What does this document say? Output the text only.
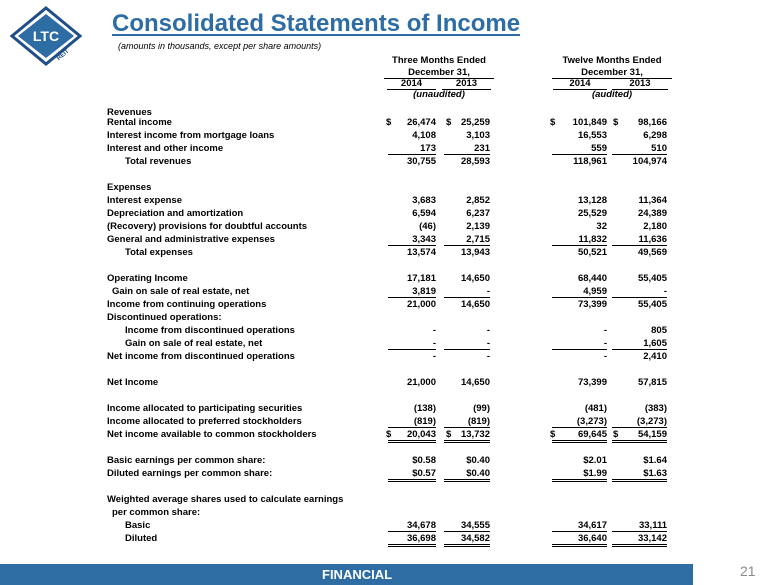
LTC
REIT
Consolidated Statements of Income
(amounts in thousands, except per share amounts)
Three Months Ended	Twelve Months Ended
December 31,	December 31,
2014	2013	2014	2013
(unaudited)	(audited)
Revenues
Rental income	26,474	25,259	101,849	98,166
$	$	$	$
Interest income from mortgage loans	4,108	3,103	16,553	6,298
Interest and other income	173	231	559	510
Total revenues	30,755	28,593	118,961	104,974
Expenses
Interest expense	3,683	2,852	13,128	11,364
Depreciation and amortization	6,594	6,237	25,529	24,389
(Recovery) provisions for doubtful accounts	(46)	2,139	32	2,180
General and administrative expenses	3,343	2,715	11,832	11,636
Total expenses	13,574	13,943	50,521	49,569
Operating Income	17,181	14,650	68,440	55,405
Gain on sale of real estate, net	3,819	-	4,959	-
Income from continuing operations	21,000	14,650	73,399	55,405
Discontinued operations:
Income from discontinued operations	-	-	-	805
Gain on sale of real estate, net	-	-	-	1,605
Net income from discontinued operations	-	-	-	2,410
Net Income	21,000	14,650	73,399	57,815
Income allocated to participating securities	(138)	(99)	(481)	(383)
Income allocated to preferred stockholders	(819)	(819)	(3,273)	(3,273)
Net income available to common stockholders	20,043	13,732	69,645	54,159
$	$	$	$
Basic earnings per common share:	$0.58	$0.40	$2.01	$1.64
Diluted earnings per common share:	$0.57	$0.40	$1.99	$1.63
Weighted average shares used to calculate earnings
per common share:
Basic	34,678	34,555	34,617	33,111
Diluted	36,698	34,582	36,640	33,142
FINANCIAL	21
